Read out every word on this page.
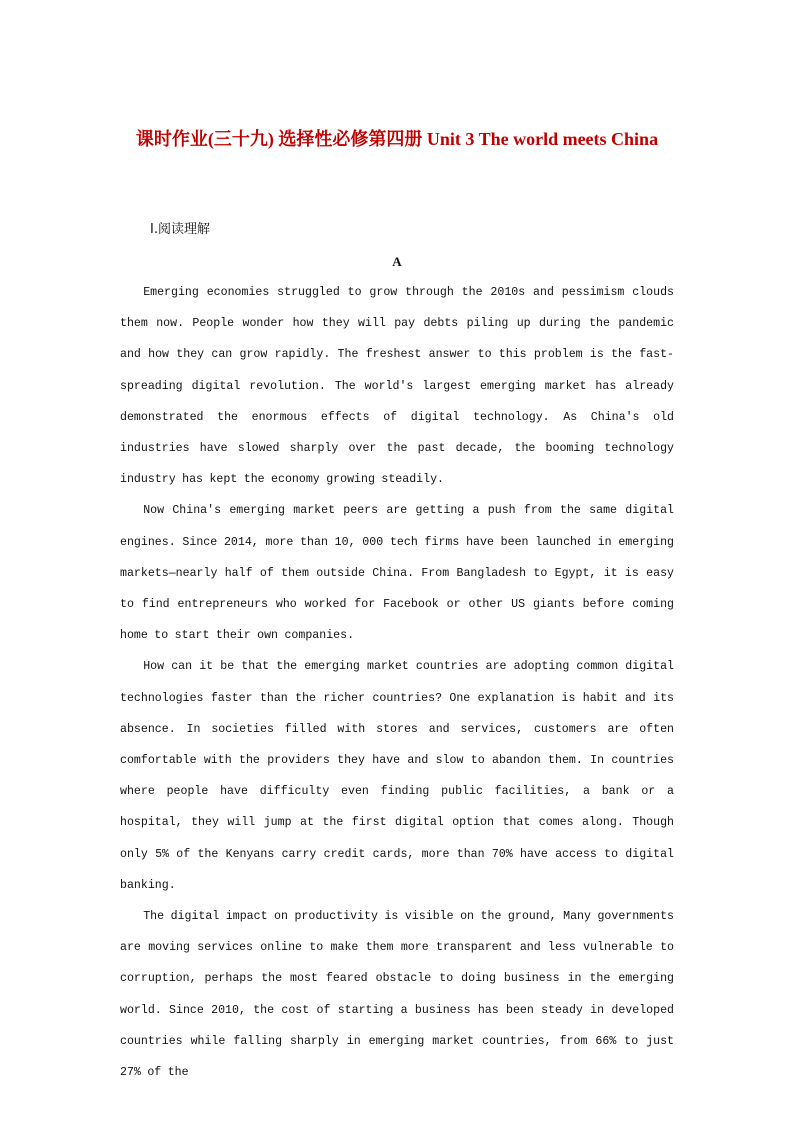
课时作业(三十九) 选择性必修第四册 Unit 3 The world meets China
Ⅰ.阅读理解
A

Emerging economies struggled to grow through the 2010s and pessimism clouds them now. People wonder how they will pay debts piling up during the pandemic and how they can grow rapidly. The freshest answer to this problem is the fast-spreading digital revolution. The world's largest emerging market has already demonstrated the enormous effects of digital technology. As China's old industries have slowed sharply over the past decade, the booming technology industry has kept the economy growing steadily.

Now China's emerging market peers are getting a push from the same digital engines. Since 2014, more than 10, 000 tech firms have been launched in emerging markets—nearly half of them outside China. From Bangladesh to Egypt, it is easy to find entrepreneurs who worked for Facebook or other US giants before coming home to start their own companies.

How can it be that the emerging market countries are adopting common digital technologies faster than the richer countries? One explanation is habit and its absence. In societies filled with stores and services, customers are often comfortable with the providers they have and slow to abandon them. In countries where people have difficulty even finding public facilities, a bank or a hospital, they will jump at the first digital option that comes along. Though only 5% of the Kenyans carry credit cards, more than 70% have access to digital banking.

The digital impact on productivity is visible on the ground, Many governments are moving services online to make them more transparent and less vulnerable to corruption, perhaps the most feared obstacle to doing business in the emerging world. Since 2010, the cost of starting a business has been steady in developed countries while falling sharply in emerging market countries, from 66% to just 27% of the
